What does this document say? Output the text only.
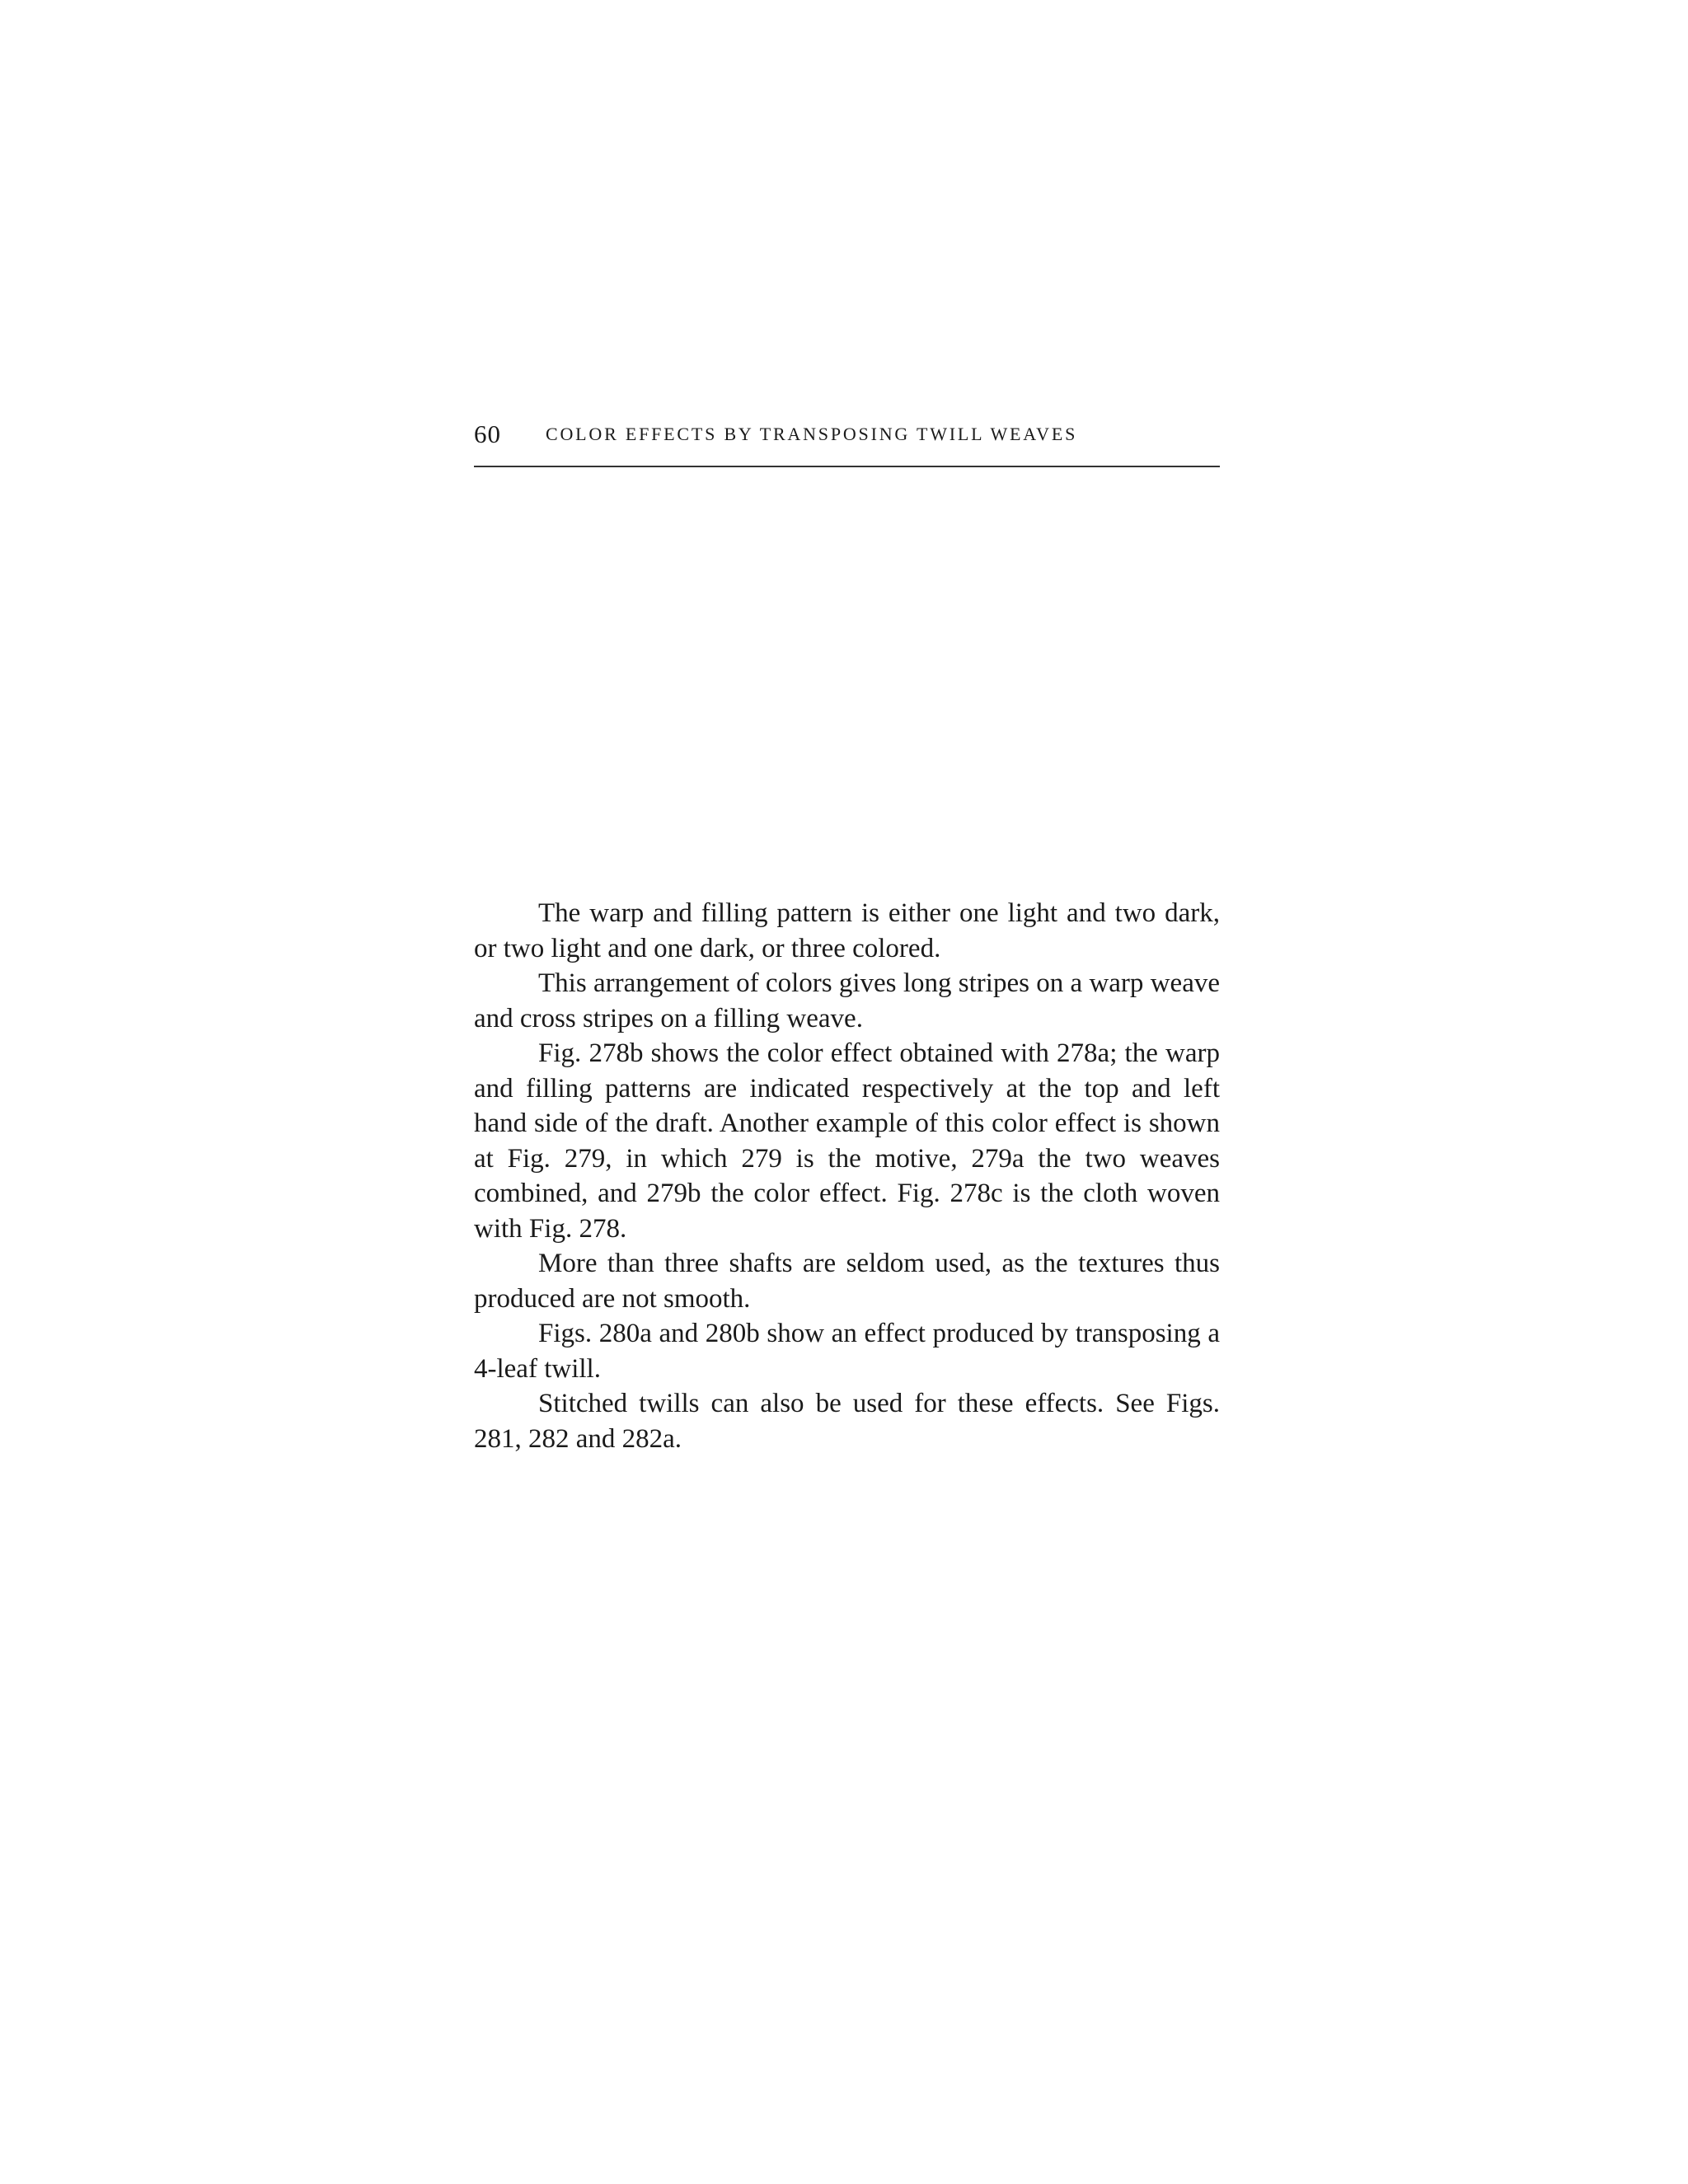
60 COLOR EFFECTS BY TRANSPOSING TWILL WEAVES

The warp and filling pattern is either one light and two dark, or two light and one dark, or three colored.

This arrangement of colors gives long stripes on a warp weave and cross stripes on a filling weave.

Fig. 278b shows the color effect obtained with 278a; the warp and filling patterns are indicated respectively at the top and left hand side of the draft. Another example of this color effect is shown at Fig. 279, in which 279 is the motive, 279a the two weaves combined, and 279b the color effect. Fig. 278c is the cloth woven with Fig. 278.

More than three shafts are seldom used, as the textures thus produced are not smooth.

Figs. 280a and 280b show an effect produced by transposing a 4-leaf twill.

Stitched twills can also be used for these effects. See Figs. 281, 282 and 282a.
